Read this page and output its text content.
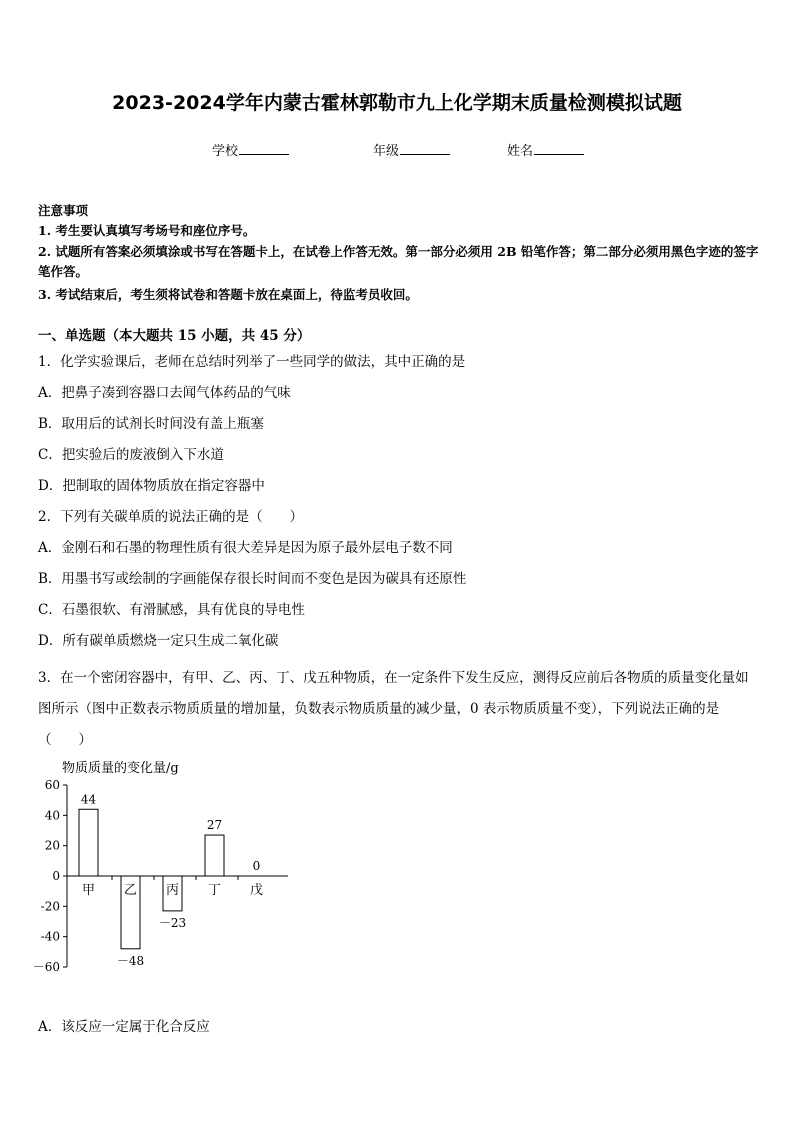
2023-2024学年内蒙古霍林郭勒市九上化学期末质量检测模拟试题
学校	年级	姓名
注意事项
1. 考生要认真填写考场号和座位序号。
2. 试题所有答案必须填涂或书写在答题卡上，在试卷上作答无效。第一部分必须用 2B 铅笔作答；第二部分必须用黑色字迹的签字笔作答。
3. 考试结束后，考生须将试卷和答题卡放在桌面上，待监考员收回。
一、单选题（本大题共 15 小题，共 45 分）
1．化学实验课后，老师在总结时列举了一些同学的做法，其中正确的是
A．把鼻子凑到容器口去闻气体药品的气味
B．取用后的试剂长时间没有盖上瓶塞
C．把实验后的废液倒入下水道
D．把制取的固体物质放在指定容器中
2．下列有关碳单质的说法正确的是（　　）
A．金刚石和石墨的物理性质有很大差异是因为原子最外层电子数不同
B．用墨书写或绘制的字画能保存很长时间而不变色是因为碳具有还原性
C．石墨很软、有滑腻感，具有优良的导电性
D．所有碳单质燃烧一定只生成二氧化碳
3．在一个密闭容器中，有甲、乙、丙、丁、戊五种物质，在一定条件下发生反应，测得反应前后各物质的质量变化量如图所示（图中正数表示物质质量的增加量，负数表示物质质量的减少量，0 表示物质质量不变），下列说法正确的是（　　）
物质质量的变化量/g
60
40
20
0
-20
-40
－60
44
甲
－48
乙
－23
丙
27
丁
0
戊
A．该反应一定属于化合反应
